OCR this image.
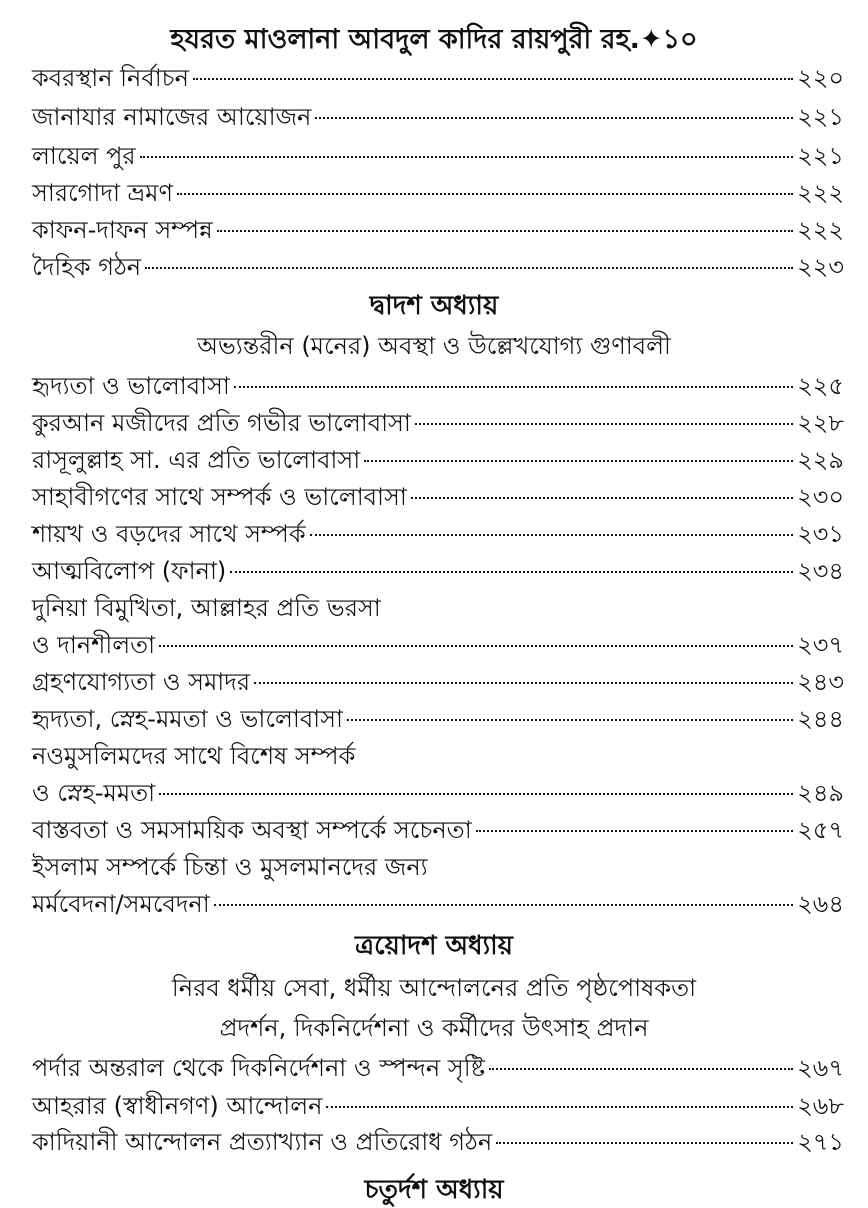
হযরত মাওলানা আবদুল কাদির রায়পুরী রহ.✦১০
কবরস্থান নির্বাচন	২২০
জানাযার নামাজের আয়োজন	২২১
লায়েল পুর	২২১
সারগোদা ভ্রমণ	২২২
কাফন-দাফন সম্পন্ন	২২২
দৈহিক গঠন	২২৩
দ্বাদশ অধ্যায়
অভ্যন্তরীন (মনের) অবস্থা ও উল্লেখযোগ্য গুণাবলী
হৃদ্যতা ও ভালোবাসা	২২৫
কুরআন মজীদের প্রতি গভীর ভালোবাসা	২২৮
রাসূলুল্লাহ সা. এর প্রতি ভালোবাসা	২২৯
সাহাবীগণের সাথে সম্পর্ক ও ভালোবাসা	২৩০
শায়খ ও বড়দের সাথে সম্পর্ক	২৩১
আত্মবিলোপ (ফানা)	২৩৪
দুনিয়া বিমুখিতা, আল্লাহর প্রতি ভরসা
ও দানশীলতা	২৩৭
গ্রহণযোগ্যতা ও সমাদর	২৪৩
হৃদ্যতা, স্নেহ-মমতা ও ভালোবাসা	২৪৪
নওমুসলিমদের সাথে বিশেষ সম্পর্ক
ও স্নেহ-মমতা	২৪৯
বাস্তবতা ও সমসাময়িক অবস্থা সম্পর্কে সচেনতা	২৫৭
ইসলাম সম্পর্কে চিন্তা ও মুসলমানদের জন্য
মর্মবেদনা/সমবেদনা	২৬৪
ত্রয়োদশ অধ্যায়
নিরব ধর্মীয় সেবা, ধর্মীয় আন্দোলনের প্রতি পৃষ্ঠপোষকতা
প্রদর্শন, দিকনির্দেশনা ও কর্মীদের উৎসাহ প্রদান
পর্দার অন্তরাল থেকে দিকনির্দেশনা ও স্পন্দন সৃষ্টি	২৬৭
আহরার (স্বাধীনগণ) আন্দোলন	২৬৮
কাদিয়ানী আন্দোলন প্রত্যাখ্যান ও প্রতিরোধ গঠন	২৭১
চতুর্দশ অধ্যায়
